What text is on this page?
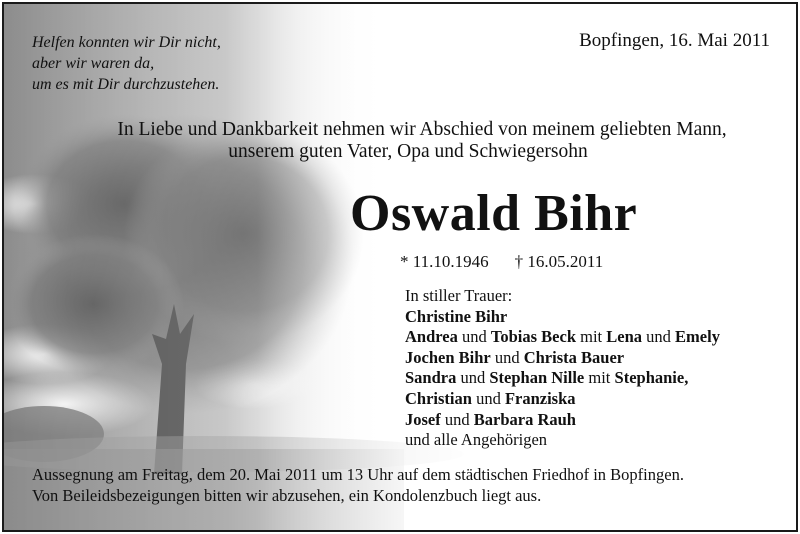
Helfen konnten wir Dir nicht,
aber wir waren da,
um es mit Dir durchzustehen.
Bopfingen, 16. Mai 2011
In Liebe und Dankbarkeit nehmen wir Abschied von meinem geliebten Mann,
unserem guten Vater, Opa und Schwiegersohn
Oswald Bihr
* 11.10.1946 † 16.05.2011
In stiller Trauer:
Christine Bihr
Andrea und Tobias Beck mit Lena und Emely
Jochen Bihr und Christa Bauer
Sandra und Stephan Nille mit Stephanie,
Christian und Franziska
Josef und Barbara Rauh
und alle Angehörigen
Aussegnung am Freitag, dem 20. Mai 2011 um 13 Uhr auf dem städtischen Friedhof in Bopfingen.
Von Beileidsbezeigungen bitten wir abzusehen, ein Kondolenzbuch liegt aus.
